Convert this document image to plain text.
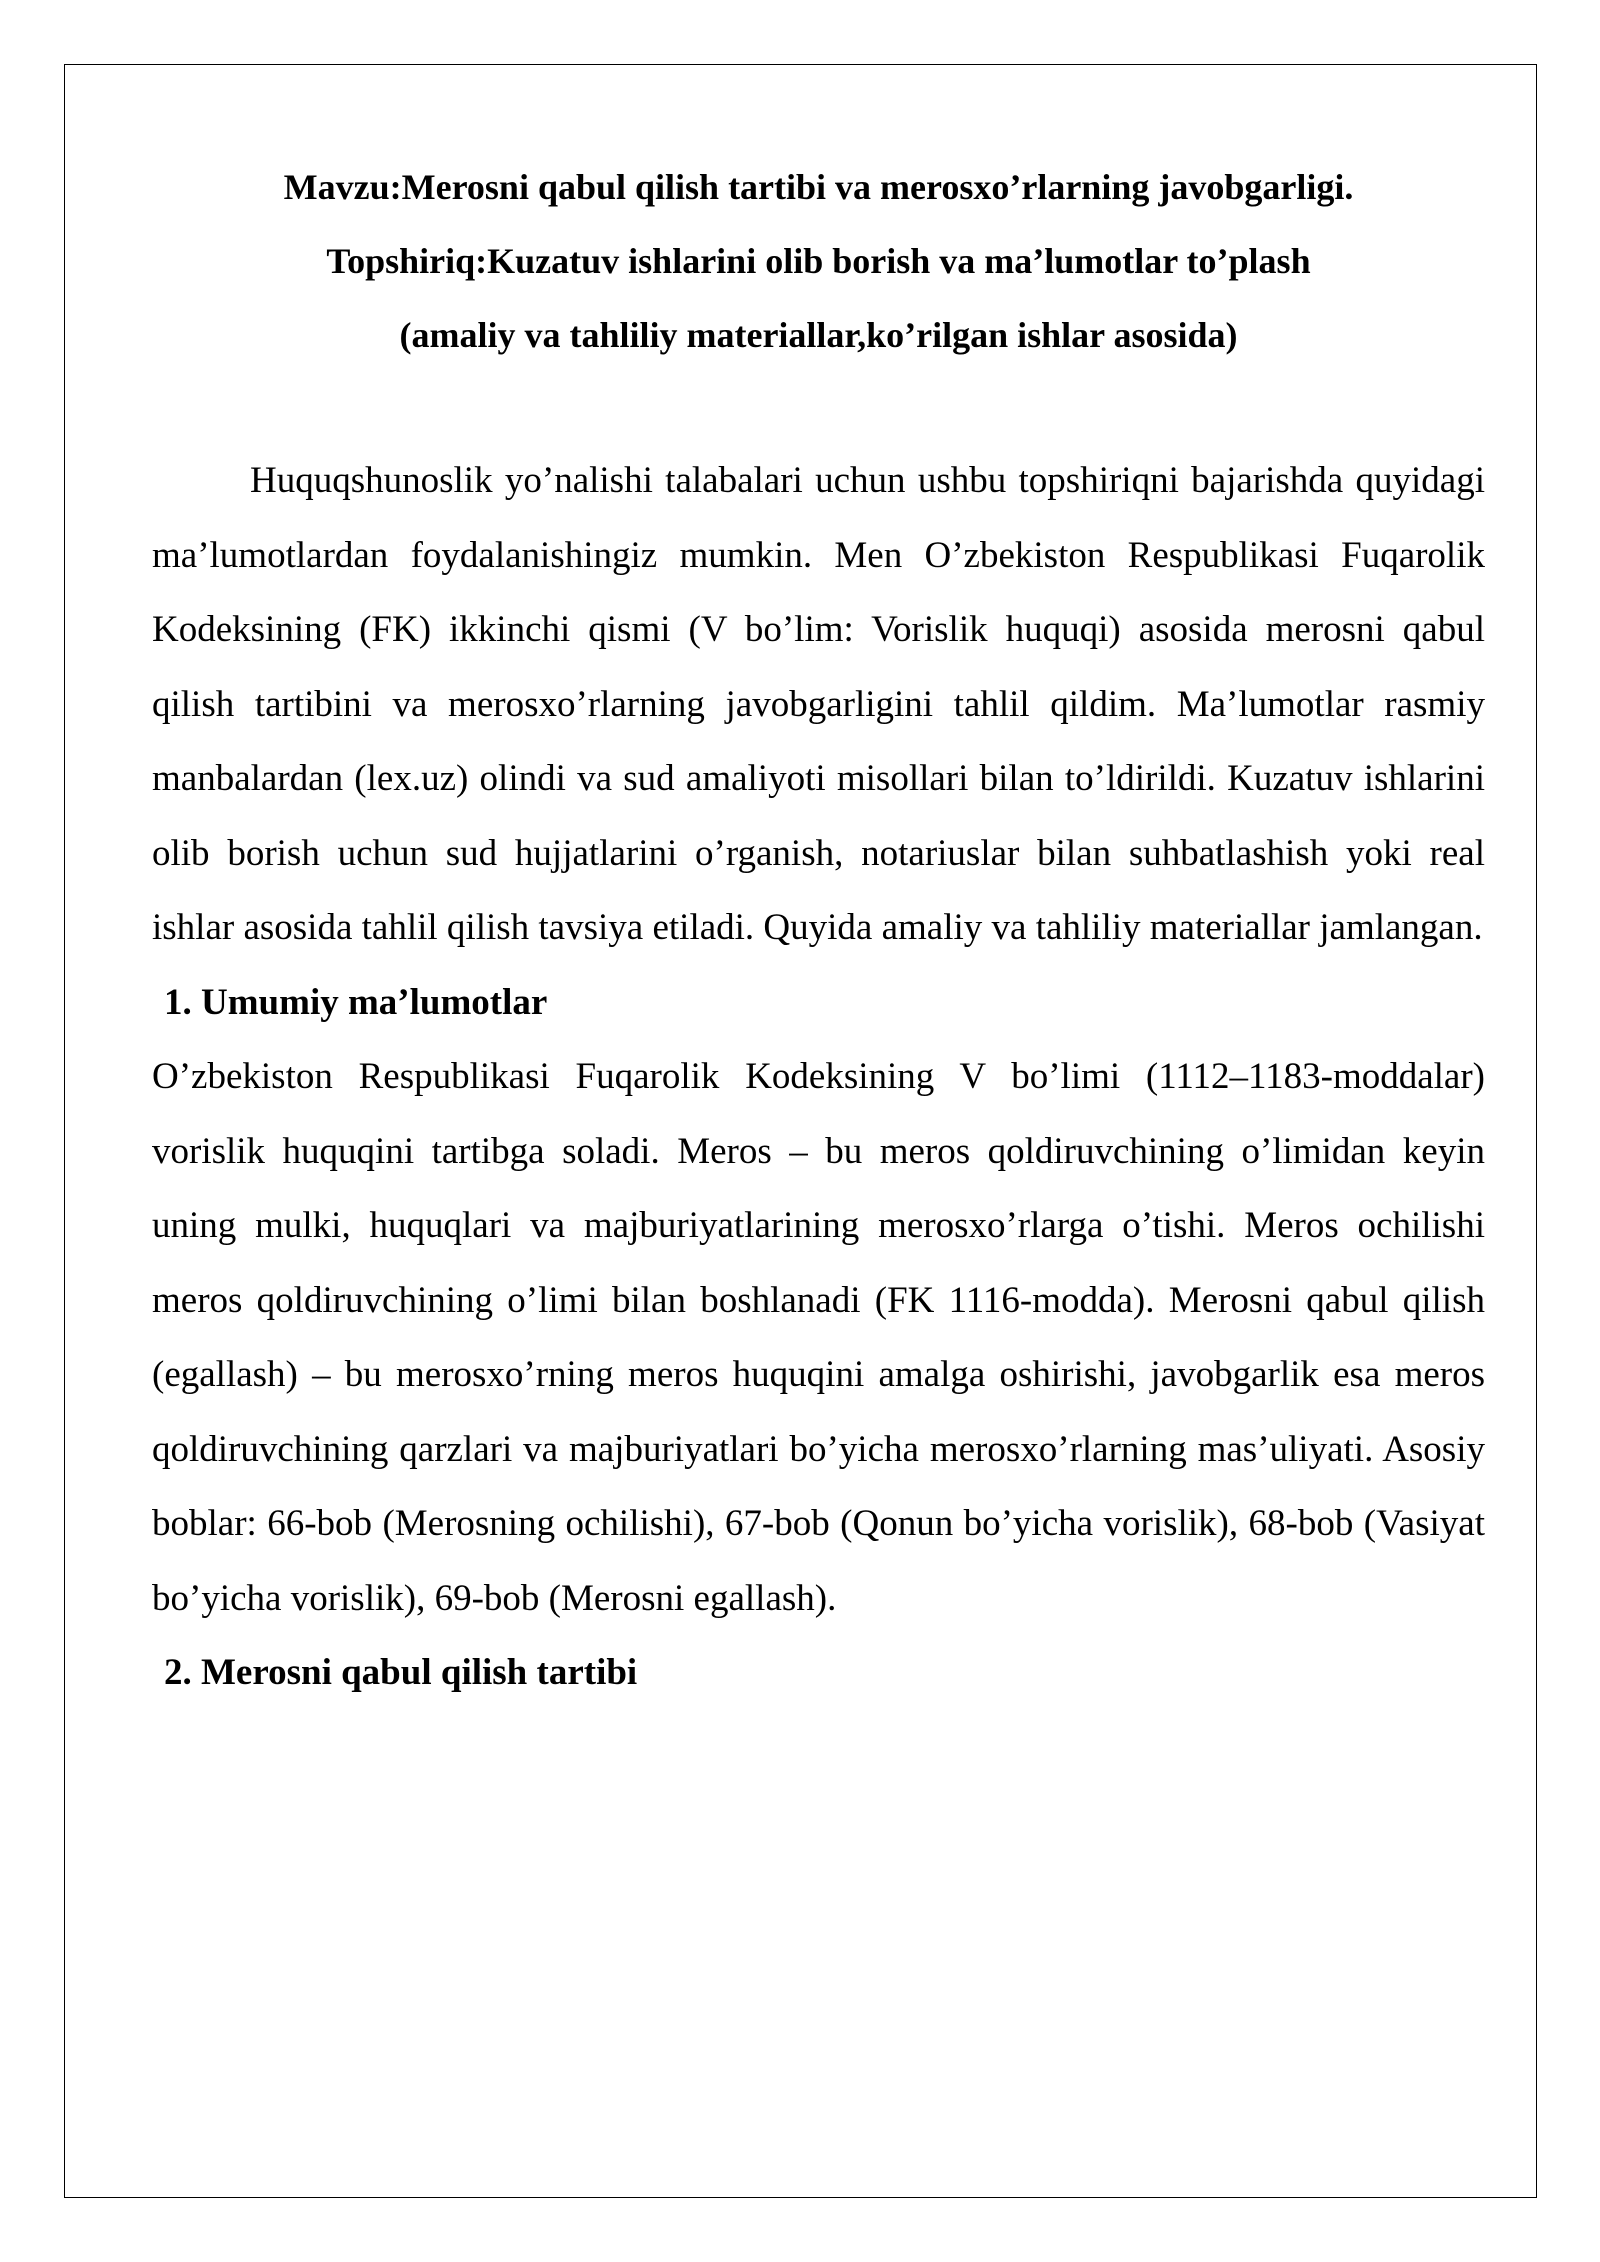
Mavzu:Merosni qabul qilish tartibi va merosxo’rlarning javobgarligi.
Topshiriq:Kuzatuv ishlarini olib borish va ma’lumotlar to’plash
(amaliy va tahliliy materiallar,ko’rilgan ishlar asosida)

Huquqshunoslik yo’nalishi talabalari uchun ushbu topshiriqni bajarishda quyidagi ma’lumotlardan foydalanishingiz mumkin. Men O’zbekiston Respublikasi Fuqarolik Kodeksining (FK) ikkinchi qismi (V bo’lim: Vorislik huquqi) asosida merosni qabul qilish tartibini va merosxo’rlarning javobgarligini tahlil qildim. Ma’lumotlar rasmiy manbalardan (lex.uz) olindi va sud amaliyoti misollari bilan to’ldirildi. Kuzatuv ishlarini olib borish uchun sud hujjatlarini o’rganish, notariuslar bilan suhbatlashish yoki real ishlar asosida tahlil qilish tavsiya etiladi. Quyida amaliy va tahliliy materiallar jamlangan.

1. Umumiy ma’lumotlar

O’zbekiston Respublikasi Fuqarolik Kodeksining V bo’limi (1112–1183-moddalar) vorislik huquqini tartibga soladi. Meros – bu meros qoldiruvchining o’limidan keyin uning mulki, huquqlari va majburiyatlarining merosxo’rlarga o’tishi. Meros ochilishi meros qoldiruvchining o’limi bilan boshlanadi (FK 1116-modda). Merosni qabul qilish (egallash) – bu merosxo’rning meros huquqini amalga oshirishi, javobgarlik esa meros qoldiruvchining qarzlari va majburiyatlari bo’yicha merosxo’rlarning mas’uliyati. Asosiy boblar: 66-bob (Merosning ochilishi), 67-bob (Qonun bo’yicha vorislik), 68-bob (Vasiyat bo’yicha vorislik), 69-bob (Merosni egallash).

2. Merosni qabul qilish tartibi
